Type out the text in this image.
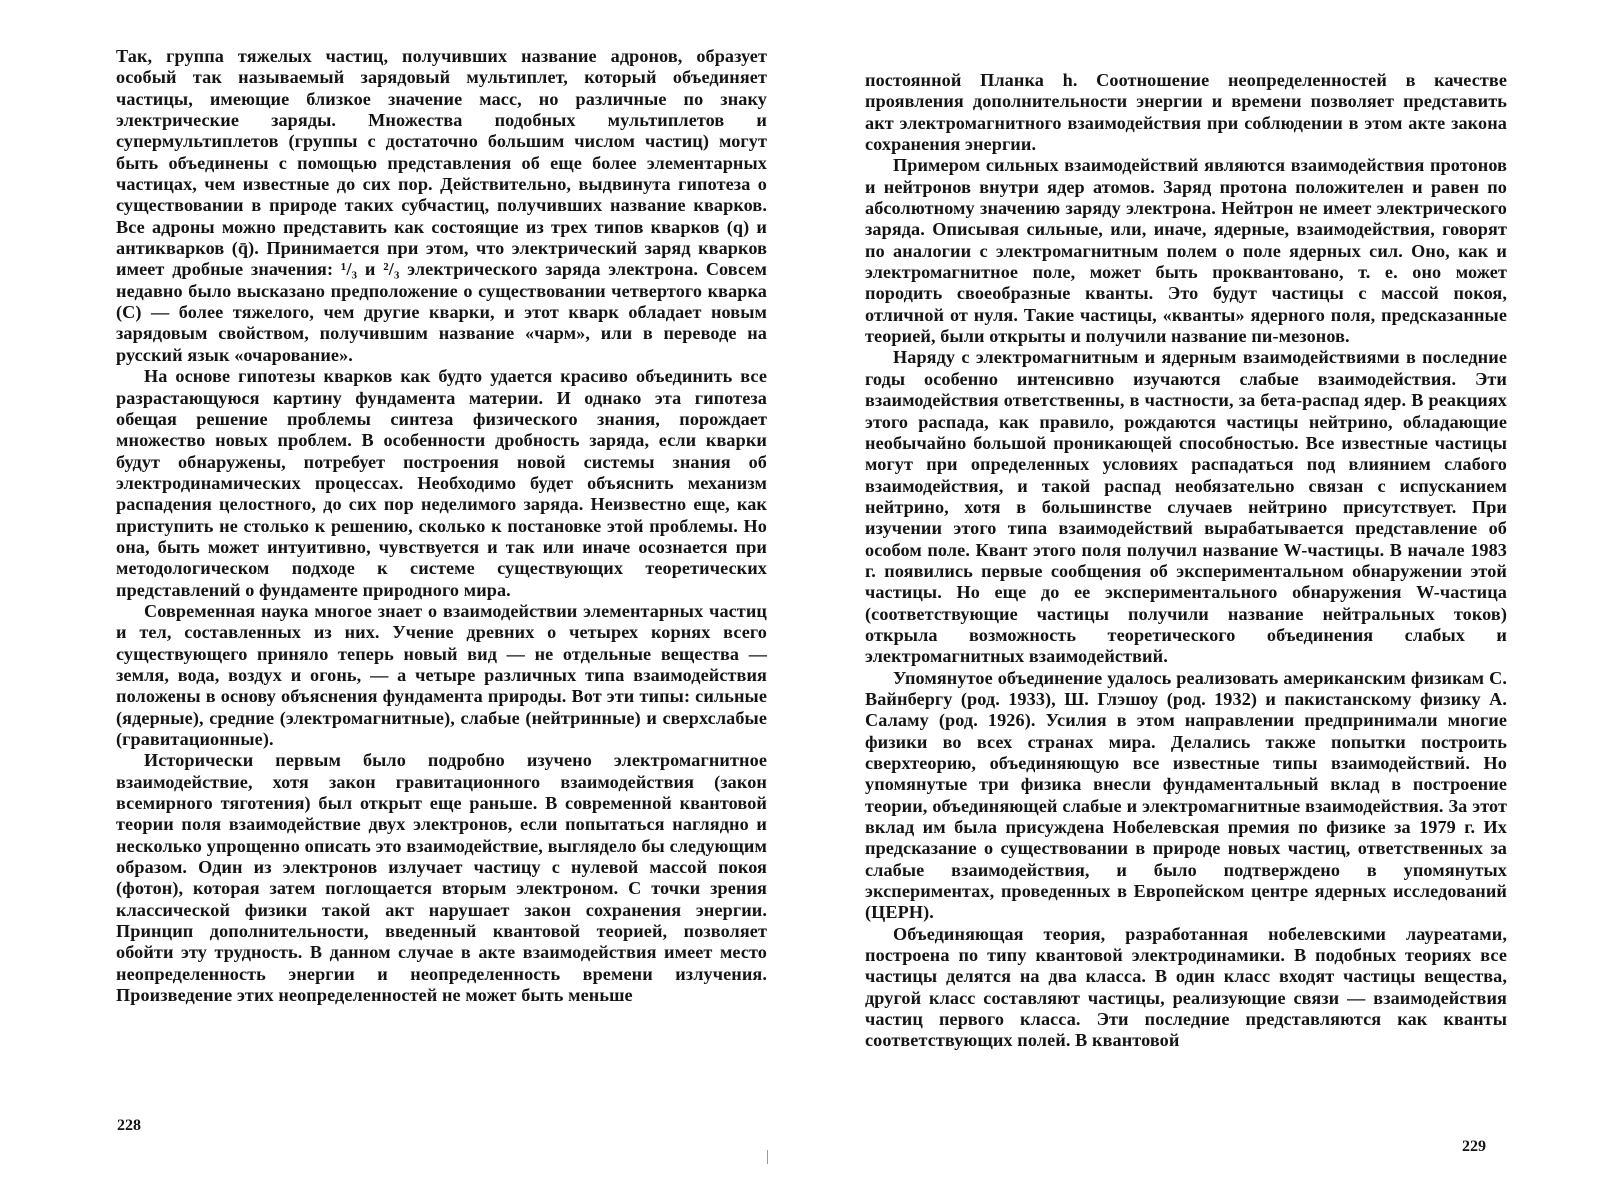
Так, группа тяжелых частиц, получивших название адронов, образует особый так называемый зарядовый мультиплет, который объединяет частицы, имеющие близкое значение масс, но различные по знаку электрические заряды. Множества подобных мультиплетов и супермультиплетов (группы с достаточно большим числом частиц) могут быть объединены с помощью представления об еще более элементарных частицах, чем известные до сих пор. Действительно, выдвинута гипотеза о существовании в природе таких субчастиц, получивших название кварков. Все адроны можно представить как состоящие из трех типов кварков (q) и антикварков (q̄). Принимается при этом, что электрический заряд кварков имеет дробные значения: ¹/₃ и ²/₃ электрического заряда электрона. Совсем недавно было высказано предположение о существовании четвертого кварка (C) — более тяжелого, чем другие кварки, и этот кварк обладает новым зарядовым свойством, получившим название «чарм», или в переводе на русский язык «очарование».

На основе гипотезы кварков как будто удается красиво объединить все разрастающуюся картину фундамента материи. И однако эта гипотеза обещая решение проблемы синтеза физического знания, порождает множество новых проблем. В особенности дробность заряда, если кварки будут обнаружены, потребует построения новой системы знания об электродинамических процессах. Необходимо будет объяснить механизм распадения целостного, до сих пор неделимого заряда. Неизвестно еще, как приступить не столько к решению, сколько к постановке этой проблемы. Но она, быть может интуитивно, чувствуется и так или иначе осознается при методологическом подходе к системе существующих теоретических представлений о фундаменте природного мира.

Современная наука многое знает о взаимодействии элементарных частиц и тел, составленных из них. Учение древних о четырех корнях всего существующего приняло теперь новый вид — не отдельные вещества — земля, вода, воздух и огонь, — а четыре различных типа взаимодействия положены в основу объяснения фундамента природы. Вот эти типы: сильные (ядерные), средние (электромагнитные), слабые (нейтринные) и сверхслабые (гравитационные).

Исторически первым было подробно изучено электромагнитное взаимодействие, хотя закон гравитационного взаимодействия (закон всемирного тяготения) был открыт еще раньше. В современной квантовой теории поля взаимодействие двух электронов, если попытаться наглядно и несколько упрощенно описать это взаимодействие, выглядело бы следующим образом. Один из электронов излучает частицу с нулевой массой покоя (фотон), которая затем поглощается вторым электроном. С точки зрения классической физики такой акт нарушает закон сохранения энергии. Принцип дополнительности, введенный квантовой теорией, позволяет обойти эту трудность. В данном случае в акте взаимодействия имеет место неопределенность энергии и неопределенность времени излучения. Произведение этих неопределенностей не может быть меньше

228

постоянной Планка h. Соотношение неопределенностей в качестве проявления дополнительности энергии и времени позволяет представить акт электромагнитного взаимодействия при соблюдении в этом акте закона сохранения энергии.

Примером сильных взаимодействий являются взаимодействия протонов и нейтронов внутри ядер атомов. Заряд протона положителен и равен по абсолютному значению заряду электрона. Нейтрон не имеет электрического заряда. Описывая сильные, или, иначе, ядерные, взаимодействия, говорят по аналогии с электромагнитным полем о поле ядерных сил. Оно, как и электромагнитное поле, может быть проквантовано, т. е. оно может породить своеобразные кванты. Это будут частицы с массой покоя, отличной от нуля. Такие частицы, «кванты» ядерного поля, предсказанные теорией, были открыты и получили название пи-мезонов.

Наряду с электромагнитным и ядерным взаимодействиями в последние годы особенно интенсивно изучаются слабые взаимодействия. Эти взаимодействия ответственны, в частности, за бета-распад ядер. В реакциях этого распада, как правило, рождаются частицы нейтрино, обладающие необычайно большой проникающей способностью. Все известные частицы могут при определенных условиях распадаться под влиянием слабого взаимодействия, и такой распад необязательно связан с испусканием нейтрино, хотя в большинстве случаев нейтрино присутствует. При изучении этого типа взаимодействий вырабатывается представление об особом поле. Квант этого поля получил название W-частицы. В начале 1983 г. появились первые сообщения об экспериментальном обнаружении этой частицы. Но еще до ее экспериментального обнаружения W-частица (соответствующие частицы получили название нейтральных токов) открыла возможность теоретического объединения слабых и электромагнитных взаимодействий.

Упомянутое объединение удалось реализовать американским физикам С. Вайнбергу (род. 1933), Ш. Глэшоу (род. 1932) и пакистанскому физику А. Саламу (род. 1926). Усилия в этом направлении предпринимали многие физики во всех странах мира. Делались также попытки построить сверхтеорию, объединяющую все известные типы взаимодействий. Но упомянутые три физика внесли фундаментальный вклад в построение теории, объединяющей слабые и электромагнитные взаимодействия. За этот вклад им была присуждена Нобелевская премия по физике за 1979 г. Их предсказание о существовании в природе новых частиц, ответственных за слабые взаимодействия, и было подтверждено в упомянутых экспериментах, проведенных в Европейском центре ядерных исследований (ЦЕРН).

Объединяющая теория, разработанная нобелевскими лауреатами, построена по типу квантовой электродинамики. В подобных теориях все частицы делятся на два класса. В один класс входят частицы вещества, другой класс составляют частицы, реализующие связи — взаимодействия частиц первого класса. Эти последние представляются как кванты соответствующих полей. В квантовой

229
